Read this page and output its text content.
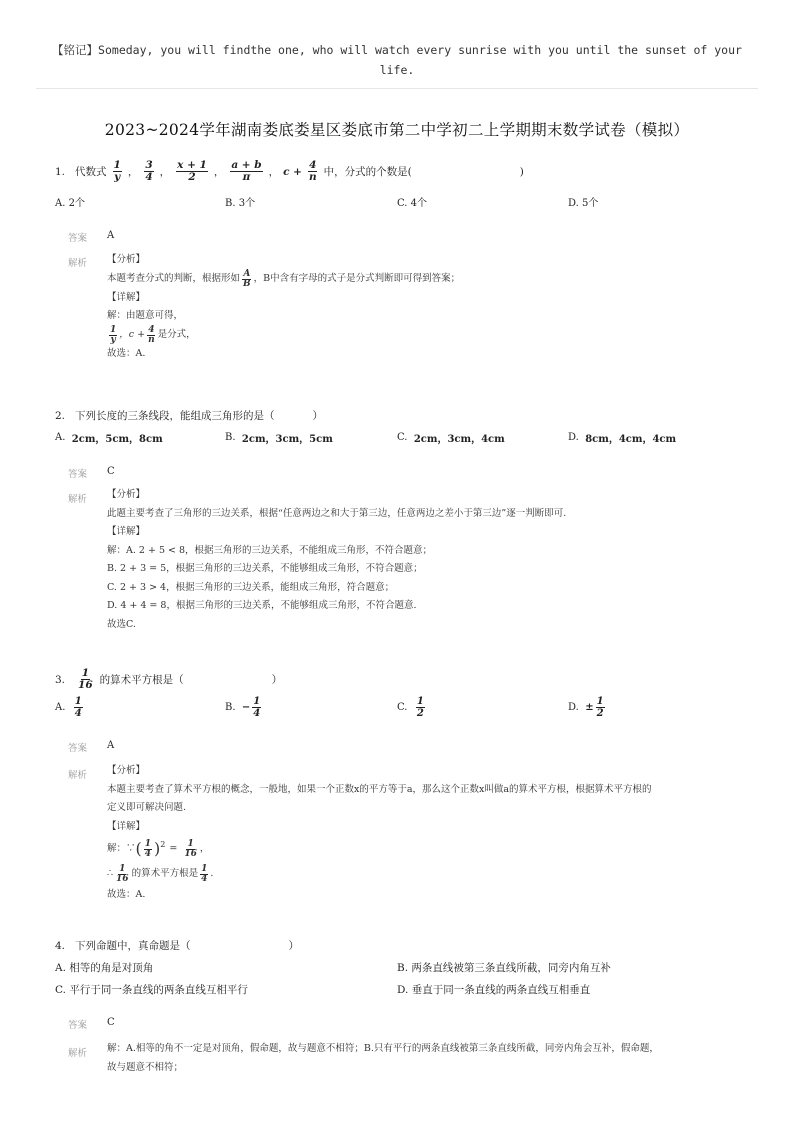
【铭记】Someday, you will findthe one, who will watch every sunrise with you until the sunset of your life.
2023~2024学年湖南娄底娄星区娄底市第二中学初二上学期期末数学试卷（模拟）
1. 代数式
1
y ，
3
4 ，
x + 1
2 ，
a + b
π ， $c + \frac{4}{n}$ 中，分式的个数是(	)
A. 2个	B. 3个	C. 4个	D. 5个
答案 A
解析 【分析】
本题考查分式的判断，根据形如 A
B ，B中含有字母的式子是分式判断即可得到答案；
【详解】
解：由题意可得，
1
y ，$c + \frac{4}{n}$ 是分式，
故选：A.
2. 下列长度的三条线段，能组成三角形的是（	）
A.
2cm，5cm，8cm	B.
2cm，3cm，5cm	C.
2cm，3cm，4cm	D.
8cm，4cm，4cm
答案 C
解析 【分析】
此题主要考查了三角形的三边关系，根据“任意两边之和大于第三边，任意两边之差小于第三边”逐一判断即可.
【详解】
解：A. 2 + 5 < 8，根据三角形的三边关系，不能组成三角形，不符合题意；
B. 2 + 3 = 5，根据三角形的三边关系，不能够组成三角形，不符合题意；
C. 2 + 3 > 4，根据三角形的三边关系，能组成三角形，符合题意；
D. 4 + 4 = 8，根据三角形的三边关系，不能够组成三角形，不符合题意.
故选C.
3.
1
16 的算术平方根是（	）
A.

1
4
B.
− $\frac{1}{4}$	C.

1
2
D.
± $\frac{1}{2}$
答案 A
解析 【分析】
本题主要考查了算术平方根的概念，一般地，如果一个正数x的平方等于a，那么这个正数x叫做a的算术平方根，根据算术平方根的
定义即可解决问题.
【详解】
解：∵ ( 1
4 )$^2 = \frac{1}{16}$ ，
∴ 1
16 的算术平方根是 1
4 .
故选：A.
4. 下列命题中，真命题是（	）
A. 相等的角是对顶角	B. 两条直线被第三条直线所截，同旁内角互补
C. 平行于同一条直线的两条直线互相平行	D. 垂直于同一条直线的两条直线互相垂直
答案 C
解析 解：A.相等的角不一定是对顶角，假命题，故与题意不相符；B.只有平行的两条直线被第三条直线所截，同旁内角会互补，假命题，
故与题意不相符；
